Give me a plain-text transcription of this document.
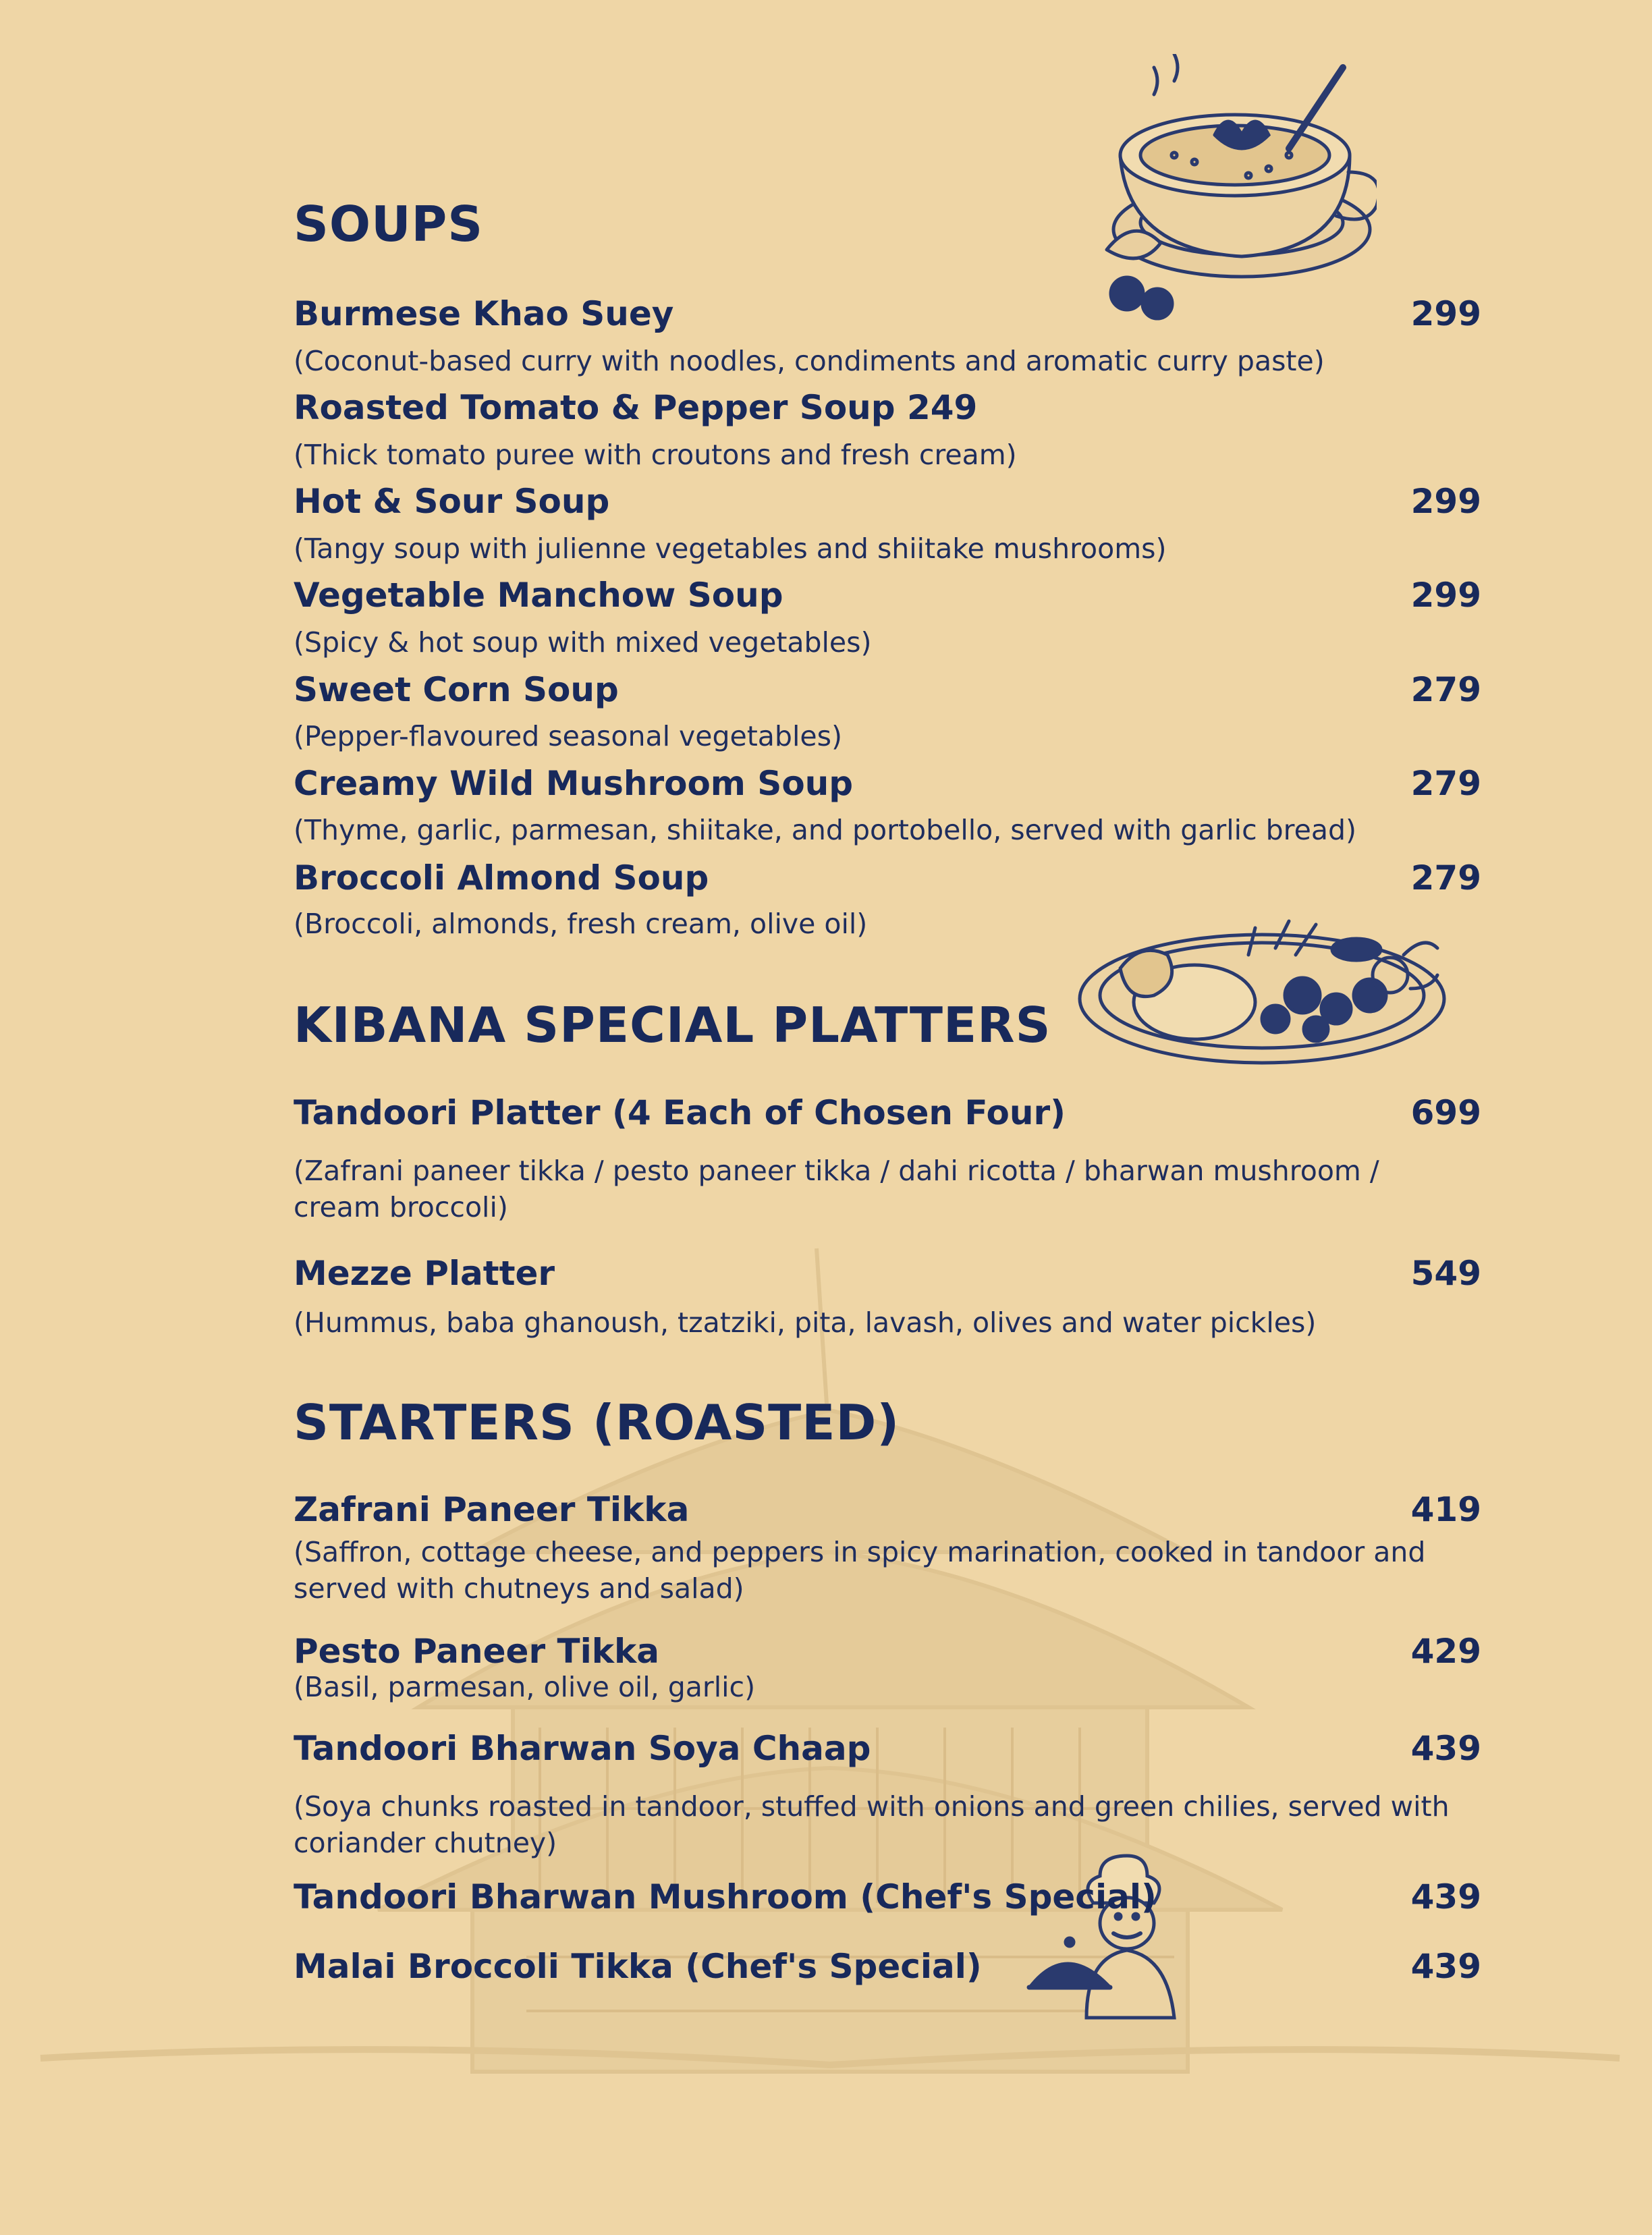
SOUPS
Burmese Khao Suey	299
(Coconut-based curry with noodles, condiments and aromatic curry paste)
Roasted Tomato & Pepper Soup 249
(Thick tomato puree with croutons and fresh cream)
Hot & Sour Soup	299
(Tangy soup with julienne vegetables and shiitake mushrooms)
Vegetable Manchow Soup	299
(Spicy & hot soup with mixed vegetables)
Sweet Corn Soup	279
(Pepper-flavoured seasonal vegetables)
Creamy Wild Mushroom Soup	279
(Thyme, garlic, parmesan, shiitake, and portobello, served with garlic bread)
Broccoli Almond Soup	279
(Broccoli, almonds, fresh cream, olive oil)
KIBANA SPECIAL PLATTERS
Tandoori Platter (4 Each of Chosen Four)	699
(Zafrani paneer tikka / pesto paneer tikka / dahi ricotta / bharwan mushroom / cream broccoli)
Mezze Platter	549
(Hummus, baba ghanoush, tzatziki, pita, lavash, olives and water pickles)
STARTERS (ROASTED)
Zafrani Paneer Tikka	419
(Saffron, cottage cheese, and peppers in spicy marination, cooked in tandoor and served with chutneys and salad)
Pesto Paneer Tikka	429
(Basil, parmesan, olive oil, garlic)
Tandoori Bharwan Soya Chaap	439
(Soya chunks roasted in tandoor, stuffed with onions and green chilies, served with coriander chutney)
Tandoori Bharwan Mushroom (Chef's Special)	439
Malai Broccoli Tikka (Chef's Special)	439
